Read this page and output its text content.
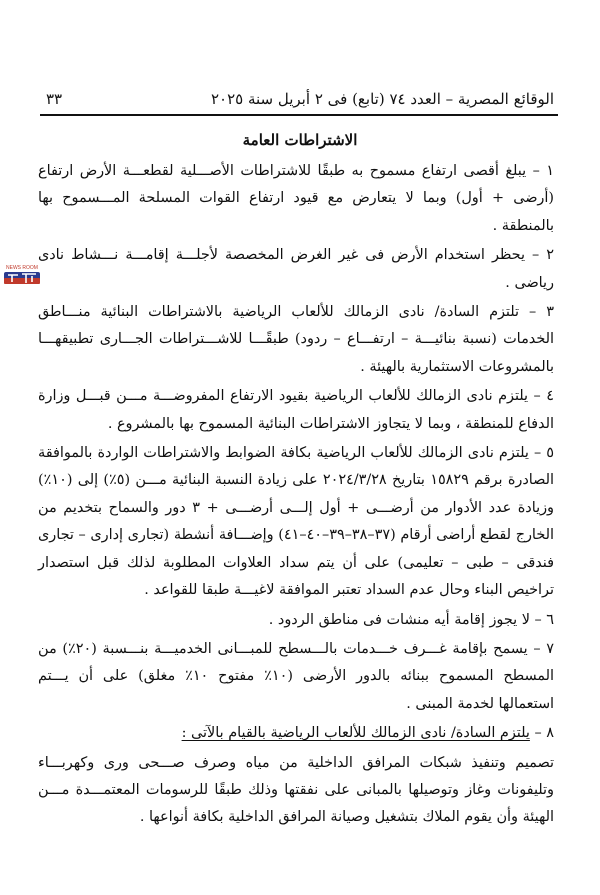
الوقائع المصرية – العدد ٧٤ (تابع) فى ٢ أبريل سنة ٢٠٢٥
٣٣
الاشتراطات العامة
NEWS ROOM

١ – يبلغ أقصى ارتفاع مسموح به طبقًا للاشتراطات الأصـــلية لقطعـــة الأرض ارتفاع (أرضى + أول) وبما لا يتعارض مع قيود ارتفاع القوات المسلحة المـــسموح بها بالمنطقة .

٢ – يحظر استخدام الأرض فى غير الغرض المخصصة لأجلـــة إقامـــة نـــشاط نادى رياضى .

٣ – تلتزم السادة/ نادى الزمالك للألعاب الرياضية بالاشتراطات البنائية منـــاطق الخدمات (نسبة بنائيـــة – ارتفـــاع – ردود) طبقًـــا للاشـــتراطات الجـــارى تطبيقهـــا بالمشروعات الاستثمارية بالهيئة .

٤ – يلتزم نادى الزمالك للألعاب الرياضية بقيود الارتفاع المفروضـــة مـــن قبـــل وزارة الدفاع للمنطقة ، وبما لا يتجاوز الاشتراطات البنائية المسموح بها بالمشروع .

٥ – يلتزم نادى الزمالك للألعاب الرياضية بكافة الضوابط والاشتراطات الواردة بالموافقة الصادرة برقم ١٥٨٢٩ بتاريخ ٢٠٢٤/٣/٢٨ على زيادة النسبة البنائية مـــن (٥٪) إلى (١٠٪) وزيادة عدد الأدوار من أرضـــى + أول إلـــى أرضـــى + ٣ دور والسماح بتخديم من الخارج لقطع أراضى أرقام (٣٧–٣٨–٣٩–٤٠–٤١) وإضـــافة أنشطة (تجارى إدارى – تجارى فندقى – طبى – تعليمى) على أن يتم سداد العلاوات المطلوبة لذلك قبل استصدار تراخيص البناء وحال عدم السداد تعتبر الموافقة لاغيـــة طبقا للقواعد .

٦ – لا يجوز إقامة أيه منشات فى مناطق الردود .

٧ – يسمح بإقامة غـــرف خـــدمات بالـــسطح للمبـــانى الخدميـــة بنـــسبة (٢٠٪) من المسطح المسموح ببنائه بالدور الأرضى (١٠٪ مفتوح ١٠٪ مغلق) على أن يـــتم استعمالها لخدمة المبنى .

٨ – يلتزم السادة/ نادى الزمالك للألعاب الرياضية بالقيام بالآتى :

تصميم وتنفيذ شبكات المرافق الداخلية من مياه وصرف صـــحى ورى وكهربـــاء وتليفونات وغاز وتوصيلها بالمبانى على نفقتها وذلك طبقًا للرسومات المعتمـــدة مـــن الهيئة وأن يقوم الملاك بتشغيل وصيانة المرافق الداخلية بكافة أنواعها .
